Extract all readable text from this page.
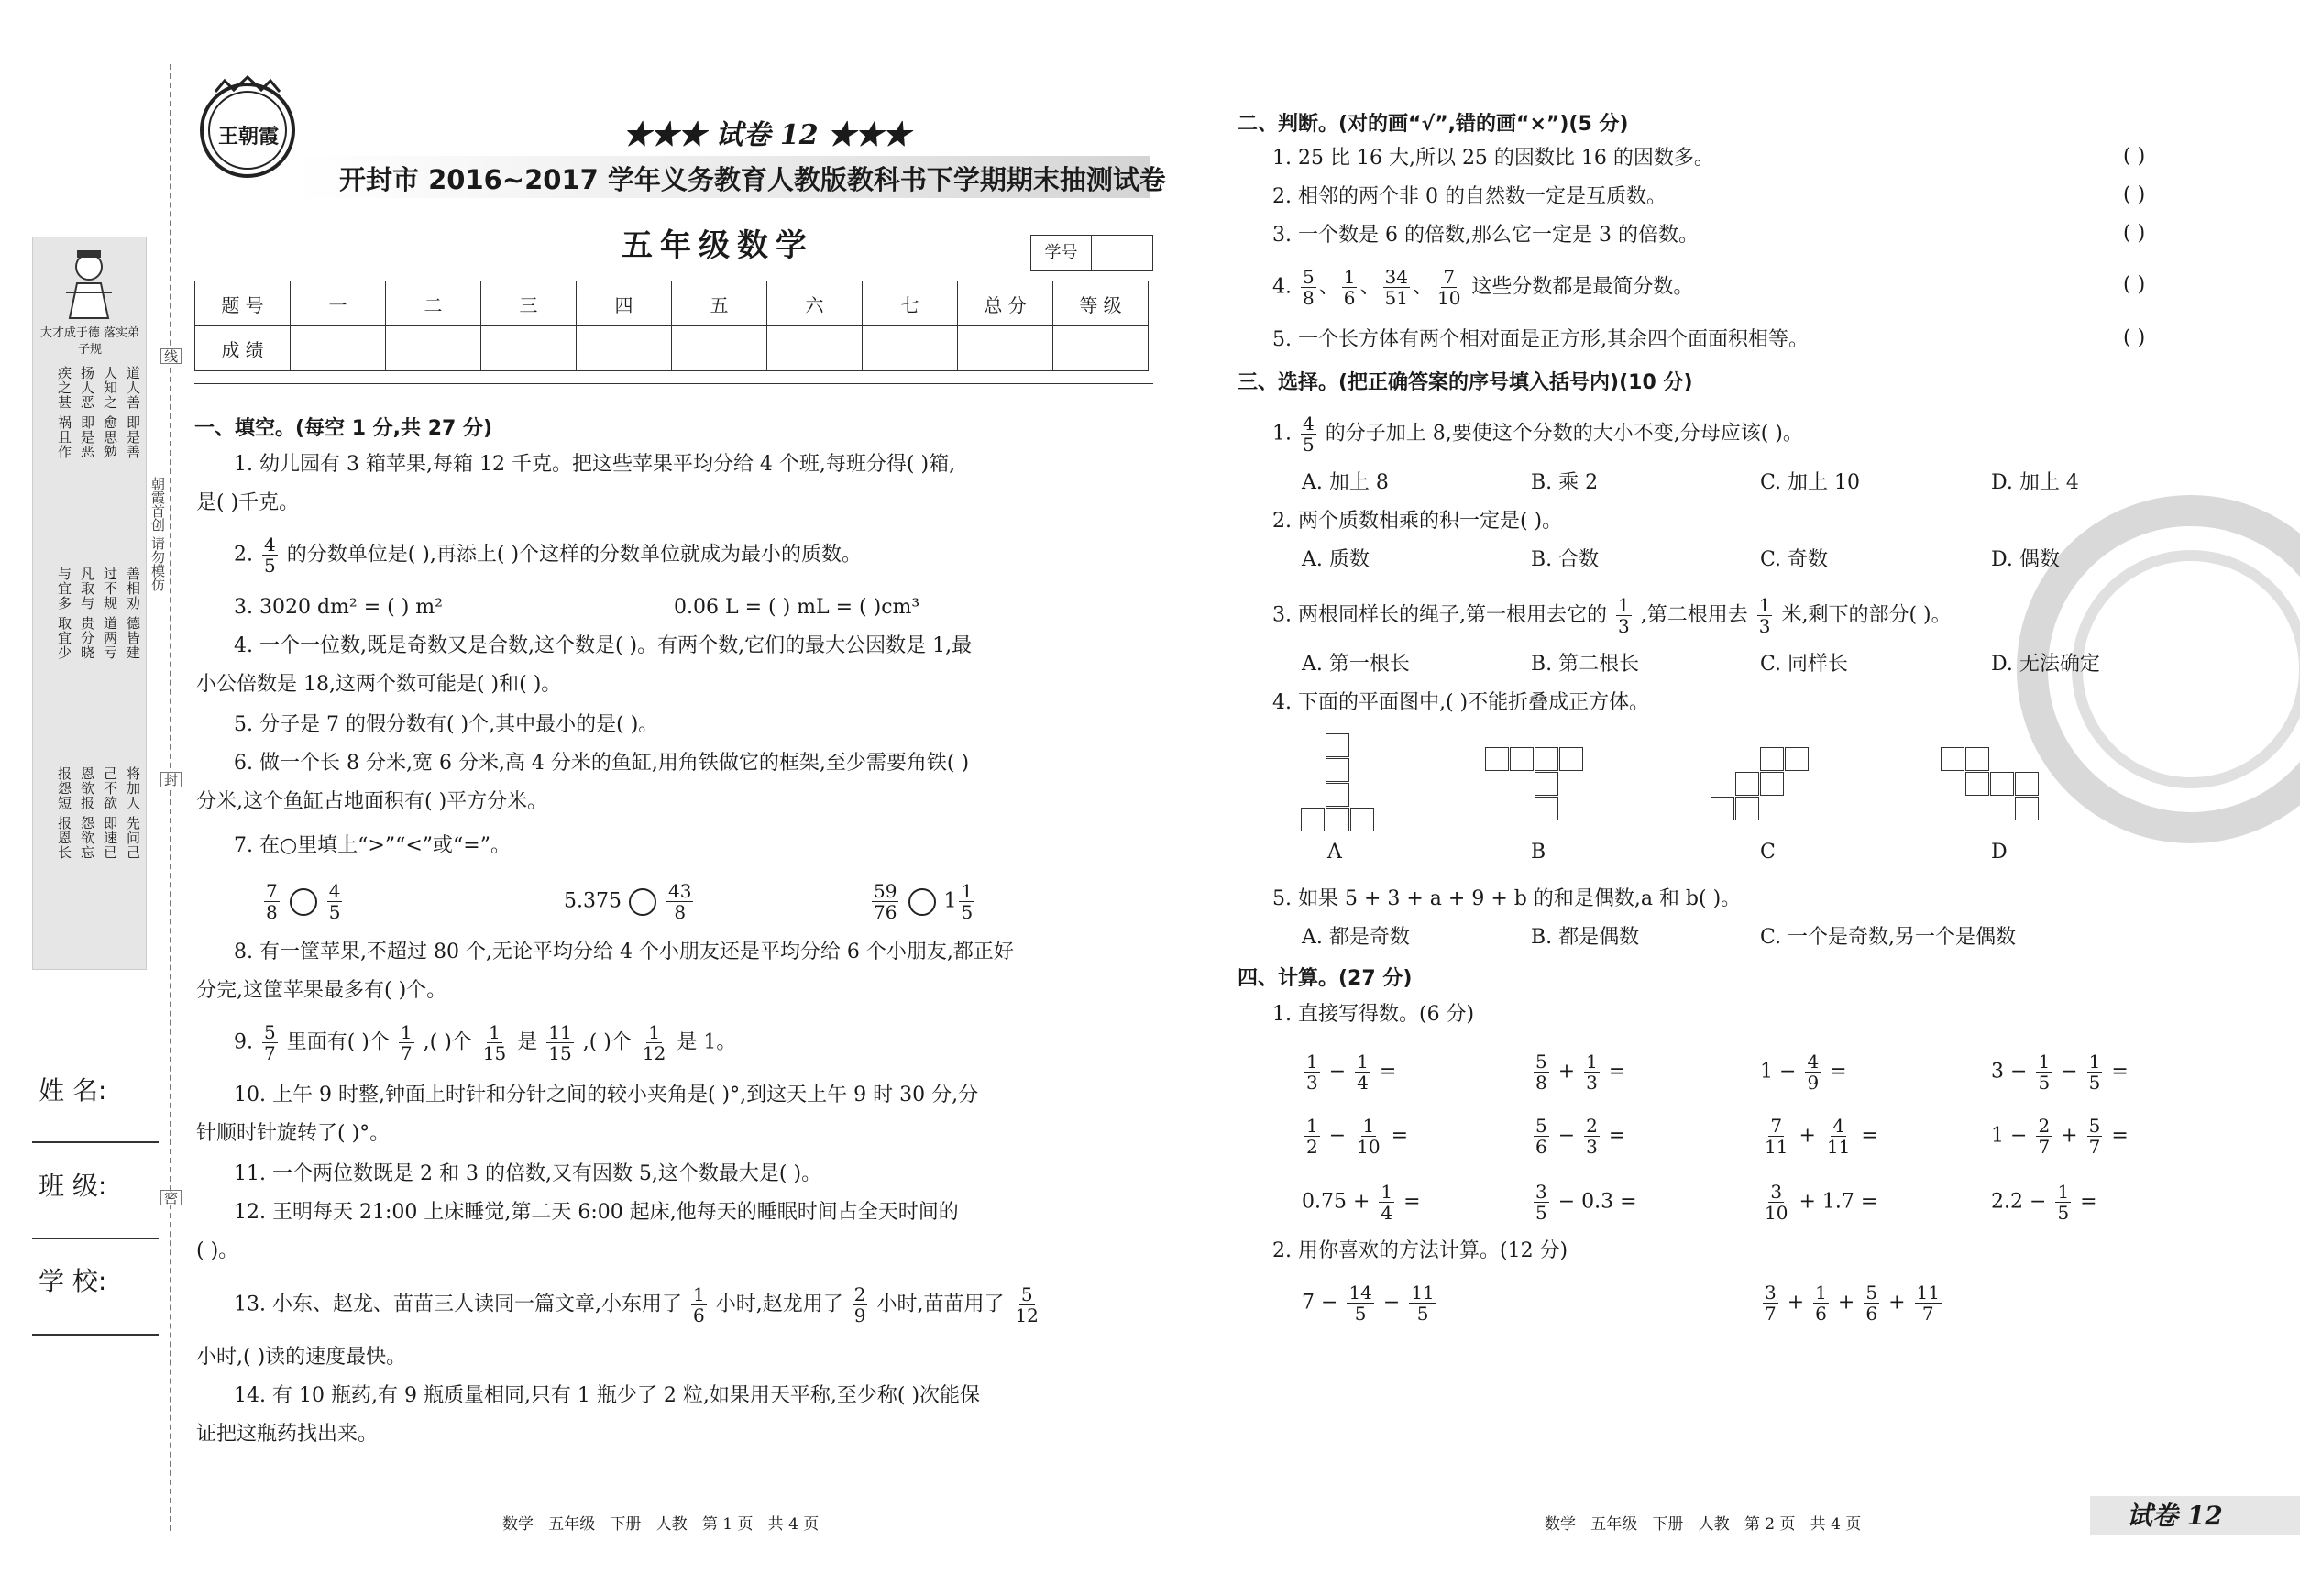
大才成于德 落实弟子规
道人善 即是善
人知之 愈思勉
扬人恶 即是恶
疾之甚 祸且作
善相劝 德皆建
过不规 道两亏
凡取与 贵分晓
与宜多 取宜少
将加人 先问己
己不欲 即速已
恩欲报 怨欲忘
报怨短 报恩长
姓 名:
班 级:
学 校:
朝霞首创 请勿模仿
线
封
密
王朝霞	★★★ 试卷 12 ★★★
开封市 2016~2017 学年义务教育人教版教科书下学期期末抽测试卷
五年级数学	学号
题 号	一	二	三	四	五	六	七	总 分	等 级
成 绩									
一、填空。(每空 1 分,共 27 分)
1. 幼儿园有 3 箱苹果,每箱 12 千克。把这些苹果平均分给 4 个班,每班分得( )箱,
是( )千克。
2. $\frac{4}{5}$ 的分数单位是( ),再添上( )个这样的分数单位就成为最小的质数。
3. 3020 dm² = ( ) m²	0.06 L = ( ) mL = ( )cm³
4. 一个一位数,既是奇数又是合数,这个数是( )。有两个数,它们的最大公因数是 1,最
小公倍数是 18,这两个数可能是( )和( )。
5. 分子是 7 的假分数有( )个,其中最小的是( )。
6. 做一个长 8 分米,宽 6 分米,高 4 分米的鱼缸,用角铁做它的框架,至少需要角铁( )
分米,这个鱼缸占地面积有( )平方分米。
7. 在○里填上“>”“<”或“=”。
$\frac{7}{8}$	$\frac{4}{5}$	$5.375 \frac{43}{8}$	$\frac{59}{76} 1 \frac{1}{5}$
8. 有一筐苹果,不超过 80 个,无论平均分给 4 个小朋友还是平均分给 6 个小朋友,都正好
分完,这筐苹果最多有( )个。
9. $\frac{5}{7}$ 里面有( )个 $\frac{1}{7}$ ,( )个 $\frac{1}{15}$ 是 $\frac{11}{15}$ ,( )个 $\frac{1}{12}$ 是 1。
10. 上午 9 时整,钟面上时针和分针之间的较小夹角是( )°,到这天上午 9 时 30 分,分
针顺时针旋转了( )°。
11. 一个两位数既是 2 和 3 的倍数,又有因数 5,这个数最大是( )。
12. 王明每天 21:00 上床睡觉,第二天 6:00 起床,他每天的睡眠时间占全天时间的
( )。
13. 小东、赵龙、苗苗三人读同一篇文章,小东用了 $\frac{1}{6}$ 小时,赵龙用了 $\frac{2}{9}$ 小时,苗苗用了 $\frac{5}{12}$
小时,( )读的速度最快。
14. 有 10 瓶药,有 9 瓶质量相同,只有 1 瓶少了 2 粒,如果用天平称,至少称( )次能保
证把这瓶药找出来。
数学   五年级   下册   人教   第 1 页   共 4 页
二、判断。(对的画“√”,错的画“×”)(5 分)
1. 25 比 16 大,所以 25 的因数比 16 的因数多。
2. 相邻的两个非 0 的自然数一定是互质数。
3. 一个数是 6 的倍数,那么它一定是 3 的倍数。
4. $\frac{5}{8}$ 、 $\frac{1}{6}$ 、 $\frac{34}{51}$ 、 $\frac{7}{10}$ 这些分数都是最简分数。
5. 一个长方体有两个相对面是正方形,其余四个面面积相等。
( )
( )
( )
( )
( )
三、选择。(把正确答案的序号填入括号内)(10 分)
1. $\frac{4}{5}$ 的分子加上 8,要使这个分数的大小不变,分母应该( )。
A. 加上 8	B. 乘 2	C. 加上 10	D. 加上 4
2. 两个质数相乘的积一定是( )。
A. 质数	B. 合数	C. 奇数	D. 偶数
3. 两根同样长的绳子,第一根用去它的 $\frac{1}{3}$ ,第二根用去 $\frac{1}{3}$ 米,剩下的部分( )。
A. 第一根长	B. 第二根长	C. 同样长	D. 无法确定
4. 下面的平面图中,( )不能折叠成正方体。
A	B	C	D
5. 如果 5 + 3 + a + 9 + b 的和是偶数,a 和 b( )。
A. 都是奇数	B. 都是偶数	C. 一个是奇数,另一个是偶数
四、计算。(27 分)
1. 直接写得数。(6 分)
$\frac{1}{3} - \frac{1}{4}$ =	$\frac{5}{8} + \frac{1}{3}$ =	$1 - \frac{4}{9}$ =	$3 - \frac{1}{5} - \frac{1}{5}$ =
$\frac{1}{2} - \frac{1}{10}$ =	$\frac{5}{6} - \frac{2}{3}$ =	$\frac{7}{11} + \frac{4}{11}$ =	$1 - \frac{2}{7} + \frac{5}{7}$ =
$0.75 + \frac{1}{4}$ =	$\frac{3}{5} - 0.3$ =	$\frac{3}{10} + 1.7$ =	$2.2 - \frac{1}{5}$ =
2. 用你喜欢的方法计算。(12 分)
$7 - \frac{14}{5} - \frac{11}{5}$	$\frac{3}{7} + \frac{1}{6} + \frac{5}{6} + \frac{11}{7}$
数学   五年级   下册   人教   第 2 页   共 4 页	试卷 12
